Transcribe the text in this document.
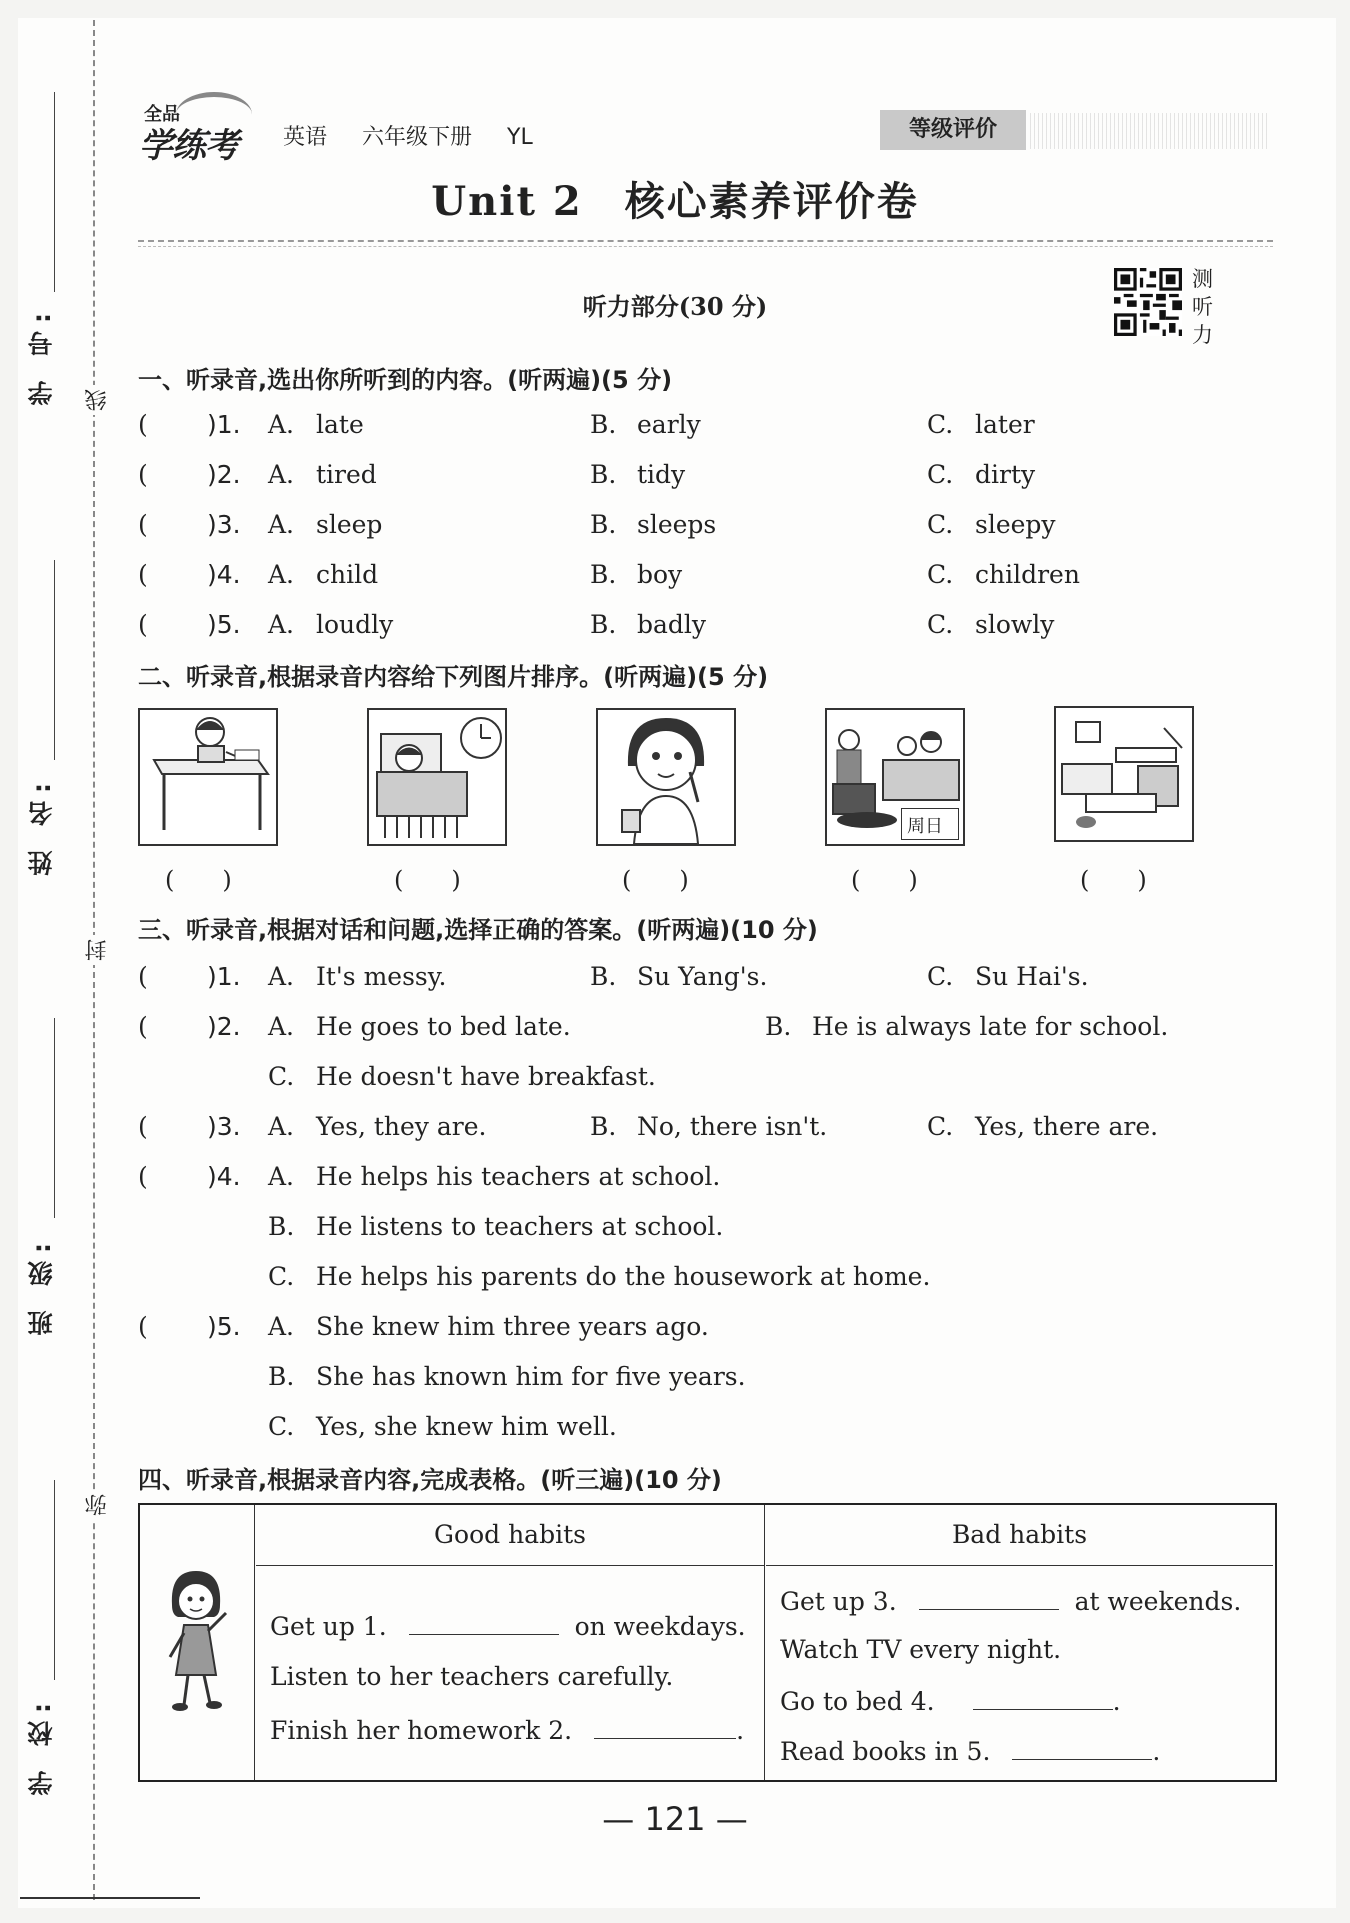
学 号:
姓 名:
班 级:
学 校:
线
封
弥
全品
学练考 英语 六年级下册 YL	等级评价
Unit 2　核心素养评价卷
听力部分(30 分)
测听力
一、听录音,选出你所听到的内容。(听两遍)(5 分)
( )1. A. late	B. early	C. later
( )2. A. tired	B. tidy	C. dirty
( )3. A. sleep	B. sleeps	C. sleepy
( )4. A. child	B. boy	C. children
( )5. A. loudly	B. badly	C. slowly
二、听录音,根据录音内容给下列图片排序。(听两遍)(5 分)
周日
(　　)	(　　)	(　　)	(　　)	(　　)
三、听录音,根据对话和问题,选择正确的答案。(听两遍)(10 分)
( )1. A. It's messy.	B. Su Yang's.	C. Su Hai's.
( )2. A. He goes to bed late.	B. He is always late for school.
C. He doesn't have breakfast.
( )3. A. Yes, they are.	B. No, there isn't.	C. Yes, there are.
( )4. A. He helps his teachers at school.
B. He listens to teachers at school.
C. He helps his parents do the housework at home.
( )5. A. She knew him three years ago.
B. She has known him for five years.
C. Yes, she knew him well.
四、听录音,根据录音内容,完成表格。(听三遍)(10 分)
Good habits
Get up 1.	on weekdays.
Listen to her teachers carefully.
Finish her homework 2.	.
Bad habits
Get up 3.	at weekends.
Watch TV every night.
Go to bed 4.	.
Read books in 5.	.
— 121 —
